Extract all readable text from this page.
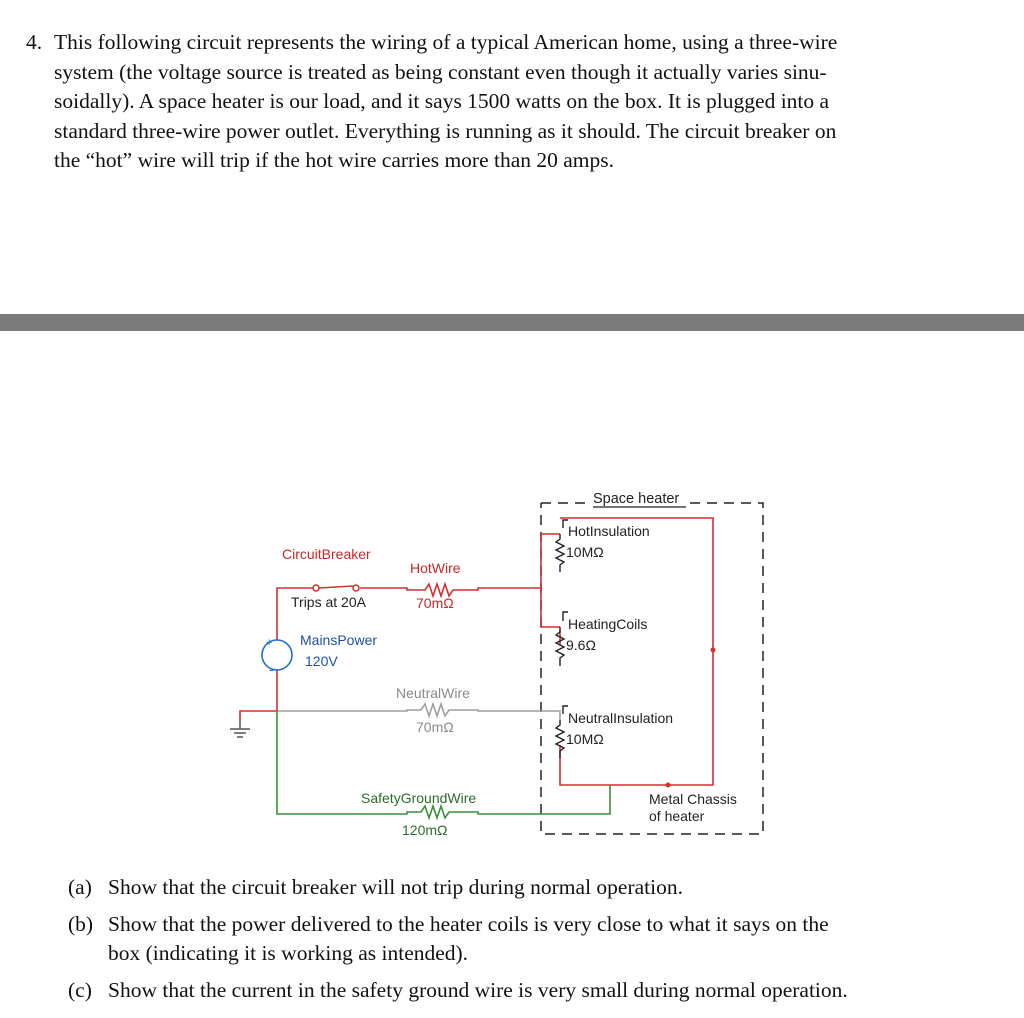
4. This following circuit represents the wiring of a typical American home, using a three-wire
system (the voltage source is treated as being constant even though it actually varies sinu-
soidally). A space heater is our load, and it says 1500 watts on the box. It is plugged into a
standard three-wire power outlet. Everything is running as it should. The circuit breaker on
the “hot” wire will trip if the hot wire carries more than 20 amps.
Space heater
+
-
CircuitBreaker
Trips at 20A
HotWire
70mΩ
MainsPower
120V
NeutralWire
70mΩ
SafetyGroundWire
120mΩ
HotInsulation
10MΩ
HeatingCoils
9.6Ω
NeutralInsulation
10MΩ
Metal Chassis
of heater
(a) Show that the circuit breaker will not trip during normal operation.
(b) Show that the power delivered to the heater coils is very close to what it says on the
box (indicating it is working as intended).
(c) Show that the current in the safety ground wire is very small during normal operation.
